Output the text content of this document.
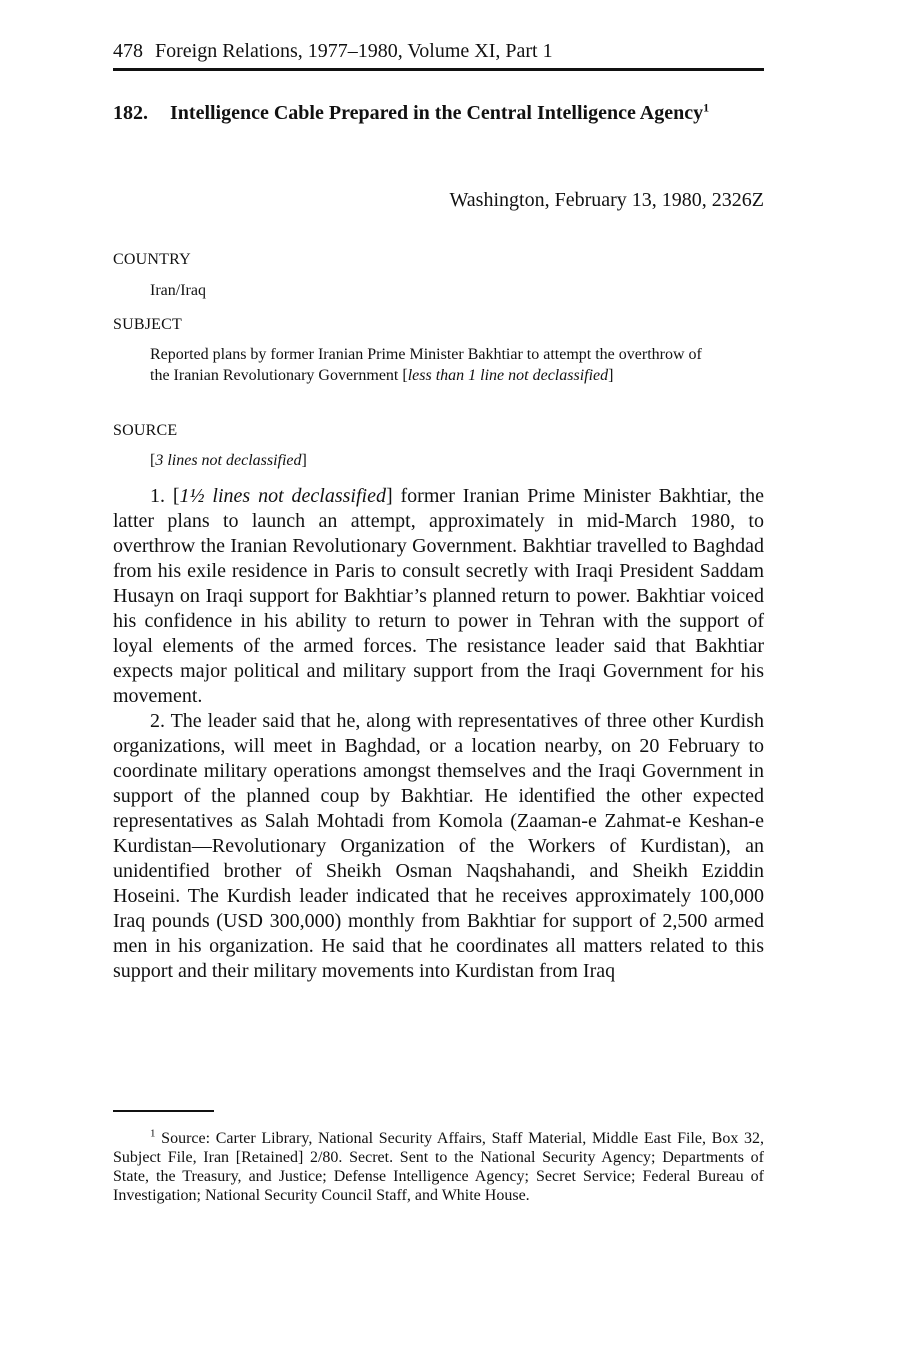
478 Foreign Relations, 1977–1980, Volume XI, Part 1
182. Intelligence Cable Prepared in the Central Intelligence Agency$^1$
Washington, February 13, 1980, 2326Z
COUNTRY
Iran/Iraq
SUBJECT
Reported plans by former Iranian Prime Minister Bakhtiar to attempt the overthrow of the Iranian Revolutionary Government [less than 1 line not declassified]
SOURCE
[3 lines not declassified]

1. [1½ lines not declassified] former Iranian Prime Minister Bakhtiar, the latter plans to launch an attempt, approximately in mid-March 1980, to overthrow the Iranian Revolutionary Government. Bakhtiar travelled to Baghdad from his exile residence in Paris to consult secretly with Iraqi President Saddam Husayn on Iraqi support for Bakhtiar’s planned return to power. Bakhtiar voiced his confidence in his ability to return to power in Tehran with the support of loyal elements of the armed forces. The resistance leader said that Bakhtiar expects major political and military support from the Iraqi Government for his movement.

2. The leader said that he, along with representatives of three other Kurdish organizations, will meet in Baghdad, or a location nearby, on 20 February to coordinate military operations amongst themselves and the Iraqi Government in support of the planned coup by Bakhtiar. He identified the other expected representatives as Salah Mohtadi from Komola (Zaaman-e Zahmat-e Keshan-e Kurdistan—Revolutionary Organization of the Workers of Kurdistan), an unidentified brother of Sheikh Osman Naqshahandi, and Sheikh Eziddin Hoseini. The Kurdish leader indicated that he receives approximately 100,000 Iraq pounds (USD 300,000) monthly from Bakhtiar for support of 2,500 armed men in his organization. He said that he coordinates all matters related to this support and their military movements into Kurdistan from Iraq

$^1$ Source: Carter Library, National Security Affairs, Staff Material, Middle East File, Box 32, Subject File, Iran [Retained] 2/80. Secret. Sent to the National Security Agency; Departments of State, the Treasury, and Justice; Defense Intelligence Agency; Secret Service; Federal Bureau of Investigation; National Security Council Staff, and White House.
